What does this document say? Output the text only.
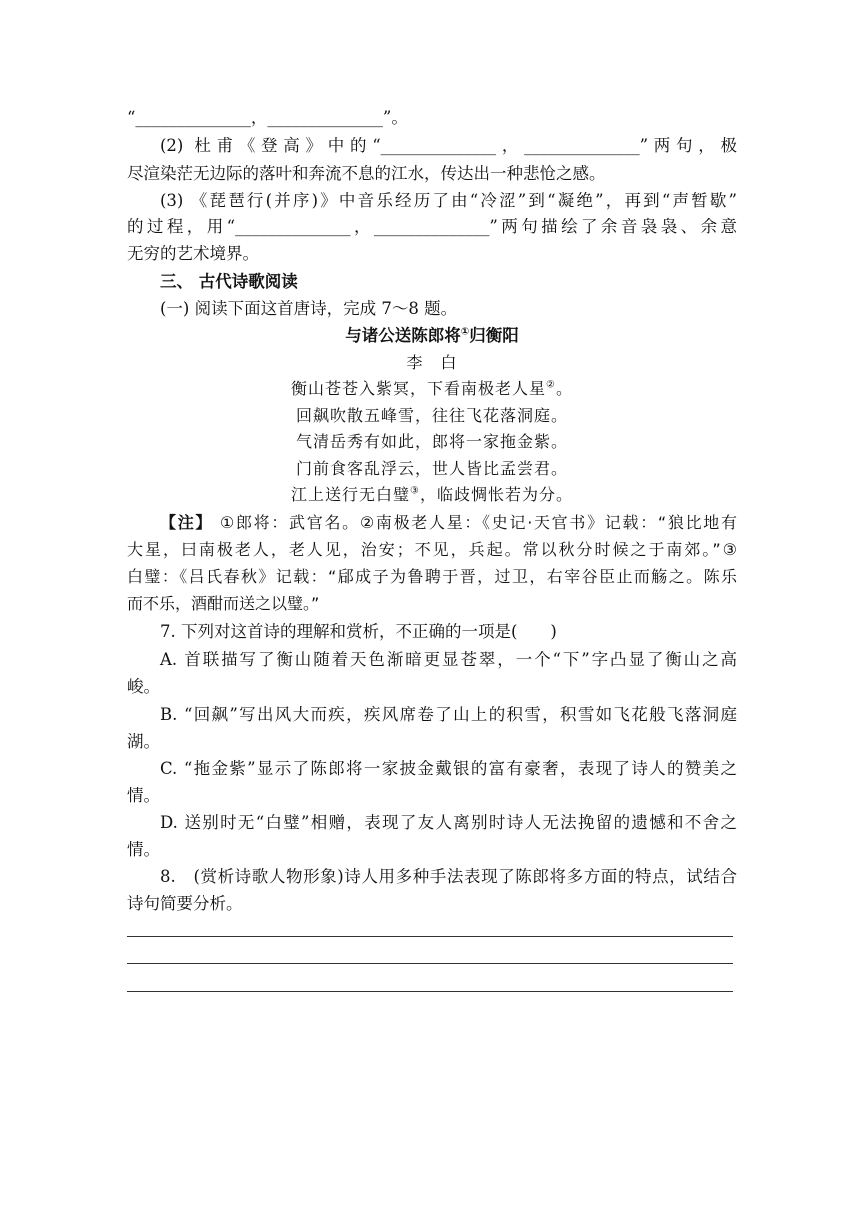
“______________，______________”。
(2) 杜甫《登高》中的“______________，______________”两句，极
尽渲染茫无边际的落叶和奔流不息的江水，传达出一种悲怆之感。
(3) 《琵琶行(并序)》中音乐经历了由“冷涩”到“凝绝”，再到“声暂歇”
的过程，用“______________，______________”两句描绘了余音袅袅、余意
无穷的艺术境界。
三、 古代诗歌阅读
(一) 阅读下面这首唐诗，完成 7～8 题。
与诸公送陈郎将①归衡阳
李　白
衡山苍苍入紫冥，下看南极老人星②。
回飙吹散五峰雪，往往飞花落洞庭。
气清岳秀有如此，郎将一家拖金紫。
门前食客乱浮云，世人皆比孟尝君。
江上送行无白璧③，临歧惆怅若为分。
【注】 ①郎将：武官名。②南极老人星：《史记·天官书》记载：“狼比地有
大星，曰南极老人，老人见，治安；不见，兵起。常以秋分时候之于南郊。”③
白璧：《吕氏春秋》记载：“郈成子为鲁聘于晋，过卫，右宰谷臣止而觞之。陈乐
而不乐，酒酣而送之以璧。”
7. 下列对这首诗的理解和赏析，不正确的一项是(　　)
A. 首联描写了衡山随着天色渐暗更显苍翠，一个“下”字凸显了衡山之高
峻。
B. “回飙”写出风大而疾，疾风席卷了山上的积雪，积雪如飞花般飞落洞庭
湖。
C. “拖金紫”显示了陈郎将一家披金戴银的富有豪奢，表现了诗人的赞美之
情。
D. 送别时无“白璧”相赠，表现了友人离别时诗人无法挽留的遗憾和不舍之
情。
8.　(赏析诗歌人物形象)诗人用多种手法表现了陈郎将多方面的特点，试结合
诗句简要分析。
